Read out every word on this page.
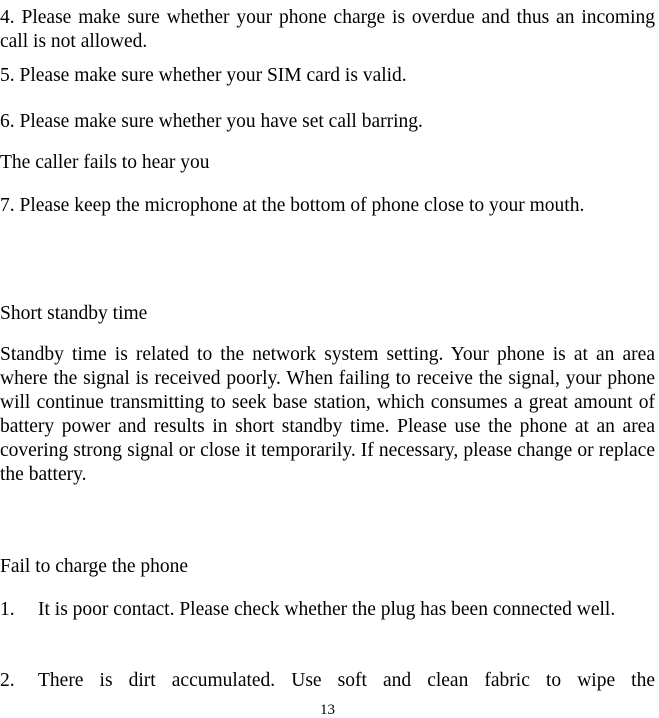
4. Please make sure whether your phone charge is overdue and thus an incoming call is not allowed.

5. Please make sure whether your SIM card is valid.

6. Please make sure whether you have set call barring.

The caller fails to hear you

7. Please keep the microphone at the bottom of phone close to your mouth.

Short standby time

Standby time is related to the network system setting. Your phone is at an area where the signal is received poorly. When failing to receive the signal, your phone will continue transmitting to seek base station, which consumes a great amount of battery power and results in short standby time. Please use the phone at an area covering strong signal or close it temporarily. If necessary, please change or replace the battery.

Fail to charge the phone

1. It is poor contact. Please check whether the plug has been connected well.
2. There is dirt accumulated. Use soft and clean fabric to wipe the
13
